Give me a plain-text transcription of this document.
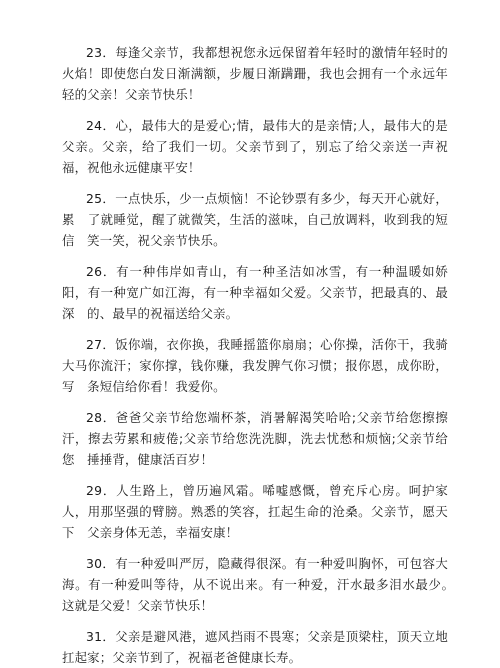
23．每逢父亲节，我都想祝您永远保留着年轻时的激情年轻时的　火焰！即使您白发日渐满额，步履日渐蹒跚，我也会拥有一个永远年　轻的父亲！父亲节快乐！

24．心，最伟大的是爱心;情，最伟大的是亲情;人，最伟大的是　父亲。父亲，给了我们一切。父亲节到了，别忘了给父亲送一声祝　福，祝他永远健康平安！

25．一点快乐，少一点烦恼！不论钞票有多少，每天开心就好，累　了就睡觉，醒了就微笑，生活的滋味，自己放调料，收到我的短信　笑一笑，祝父亲节快乐。

26．有一种伟岸如青山，有一种圣洁如冰雪，有一种温暖如娇阳，有一种宽广如江海，有一种幸福如父爱。父亲节，把最真的、最深　的、最早的祝福送给父亲。

27．饭你端，衣你换，我睡摇篮你扇扇；心你操，活你干，我骑大马你流汗；家你撑，钱你赚，我发脾气你习惯；报你恩，成你盼，写　条短信给你看！我爱你。

28．爸爸父亲节给您端杯茶，消暑解渴笑哈哈;父亲节给您擦擦汗，擦去劳累和疲倦;父亲节给您洗洗脚，洗去忧愁和烦恼;父亲节给您　捶捶背，健康活百岁！

29．人生路上，曾历遍风霜。唏嘘感慨，曾充斥心房。呵护家人，用那坚强的臂膀。熟悉的笑容，扛起生命的沧桑。父亲节，愿天下　父亲身体无恙，幸福安康！

30．有一种爱叫严厉，隐藏得很深。有一种爱叫胸怀，可包容大　海。有一种爱叫等待，从不说出来。有一种爱，汗水最多泪水最少。　这就是父爱！父亲节快乐！

31．父亲是避风港，遮风挡雨不畏寒；父亲是顶梁柱，顶天立地扛起家；父亲节到了，祝福老爸健康长寿。
